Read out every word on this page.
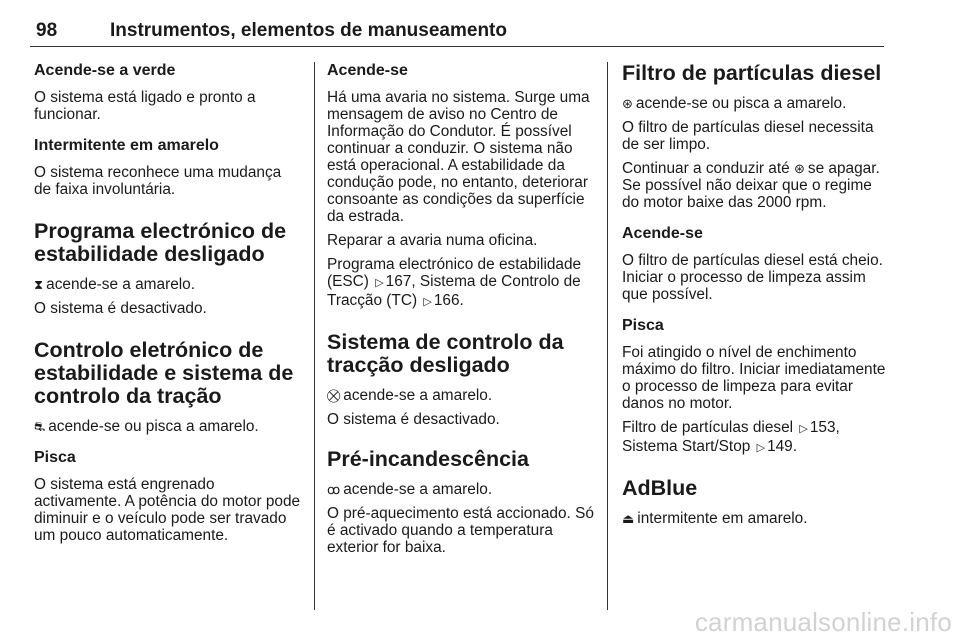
98	Instrumentos, elementos de manuseamento
Acende-se a verde

O sistema está ligado e pronto a funcionar.

Intermitente em amarelo

O sistema reconhece uma mudança de faixa involuntária.

Programa electrónico de estabilidade desligado

⧗ acende-se a amarelo.

O sistema é desactivado.

Controlo eletrónico de estabilidade e sistema de controlo da tração

⛐ acende-se ou pisca a amarelo.

Pisca

O sistema está engrenado activamente. A potência do motor pode diminuir e o veículo pode ser travado um pouco automaticamente.

Acende-se

Há uma avaria no sistema. Surge uma mensagem de aviso no Centro de Informação do Condutor. É possível continuar a conduzir. O sistema não está operacional. A estabilidade da condução pode, no entanto, deteriorar consoante as condições da superfície da estrada.

Reparar a avaria numa oficina.

Programa electrónico de estabilidade (ESC) ▷ 167, Sistema de Controlo de Tracção (TC) ▷ 166.

Sistema de controlo da tracção desligado

⛒ acende-se a amarelo.

O sistema é desactivado.

Pré-incandescência

ꝏ acende-se a amarelo.

O pré-aquecimento está accionado. Só é activado quando a temperatura exterior for baixa.

Filtro de partículas diesel

⊛ acende-se ou pisca a amarelo.

O filtro de partículas diesel necessita de ser limpo.

Continuar a conduzir até ⊛ se apagar. Se possível não deixar que o regime do motor baixe das 2000 rpm.

Acende-se

O filtro de partículas diesel está cheio. Iniciar o processo de limpeza assim que possível.

Pisca

Foi atingido o nível de enchimento máximo do filtro. Iniciar imediatamente o processo de limpeza para evitar danos no motor.

Filtro de partículas diesel ▷ 153, Sistema Start/Stop ▷ 149.

AdBlue

⏏ intermitente em amarelo.

carmanualsonline.info
